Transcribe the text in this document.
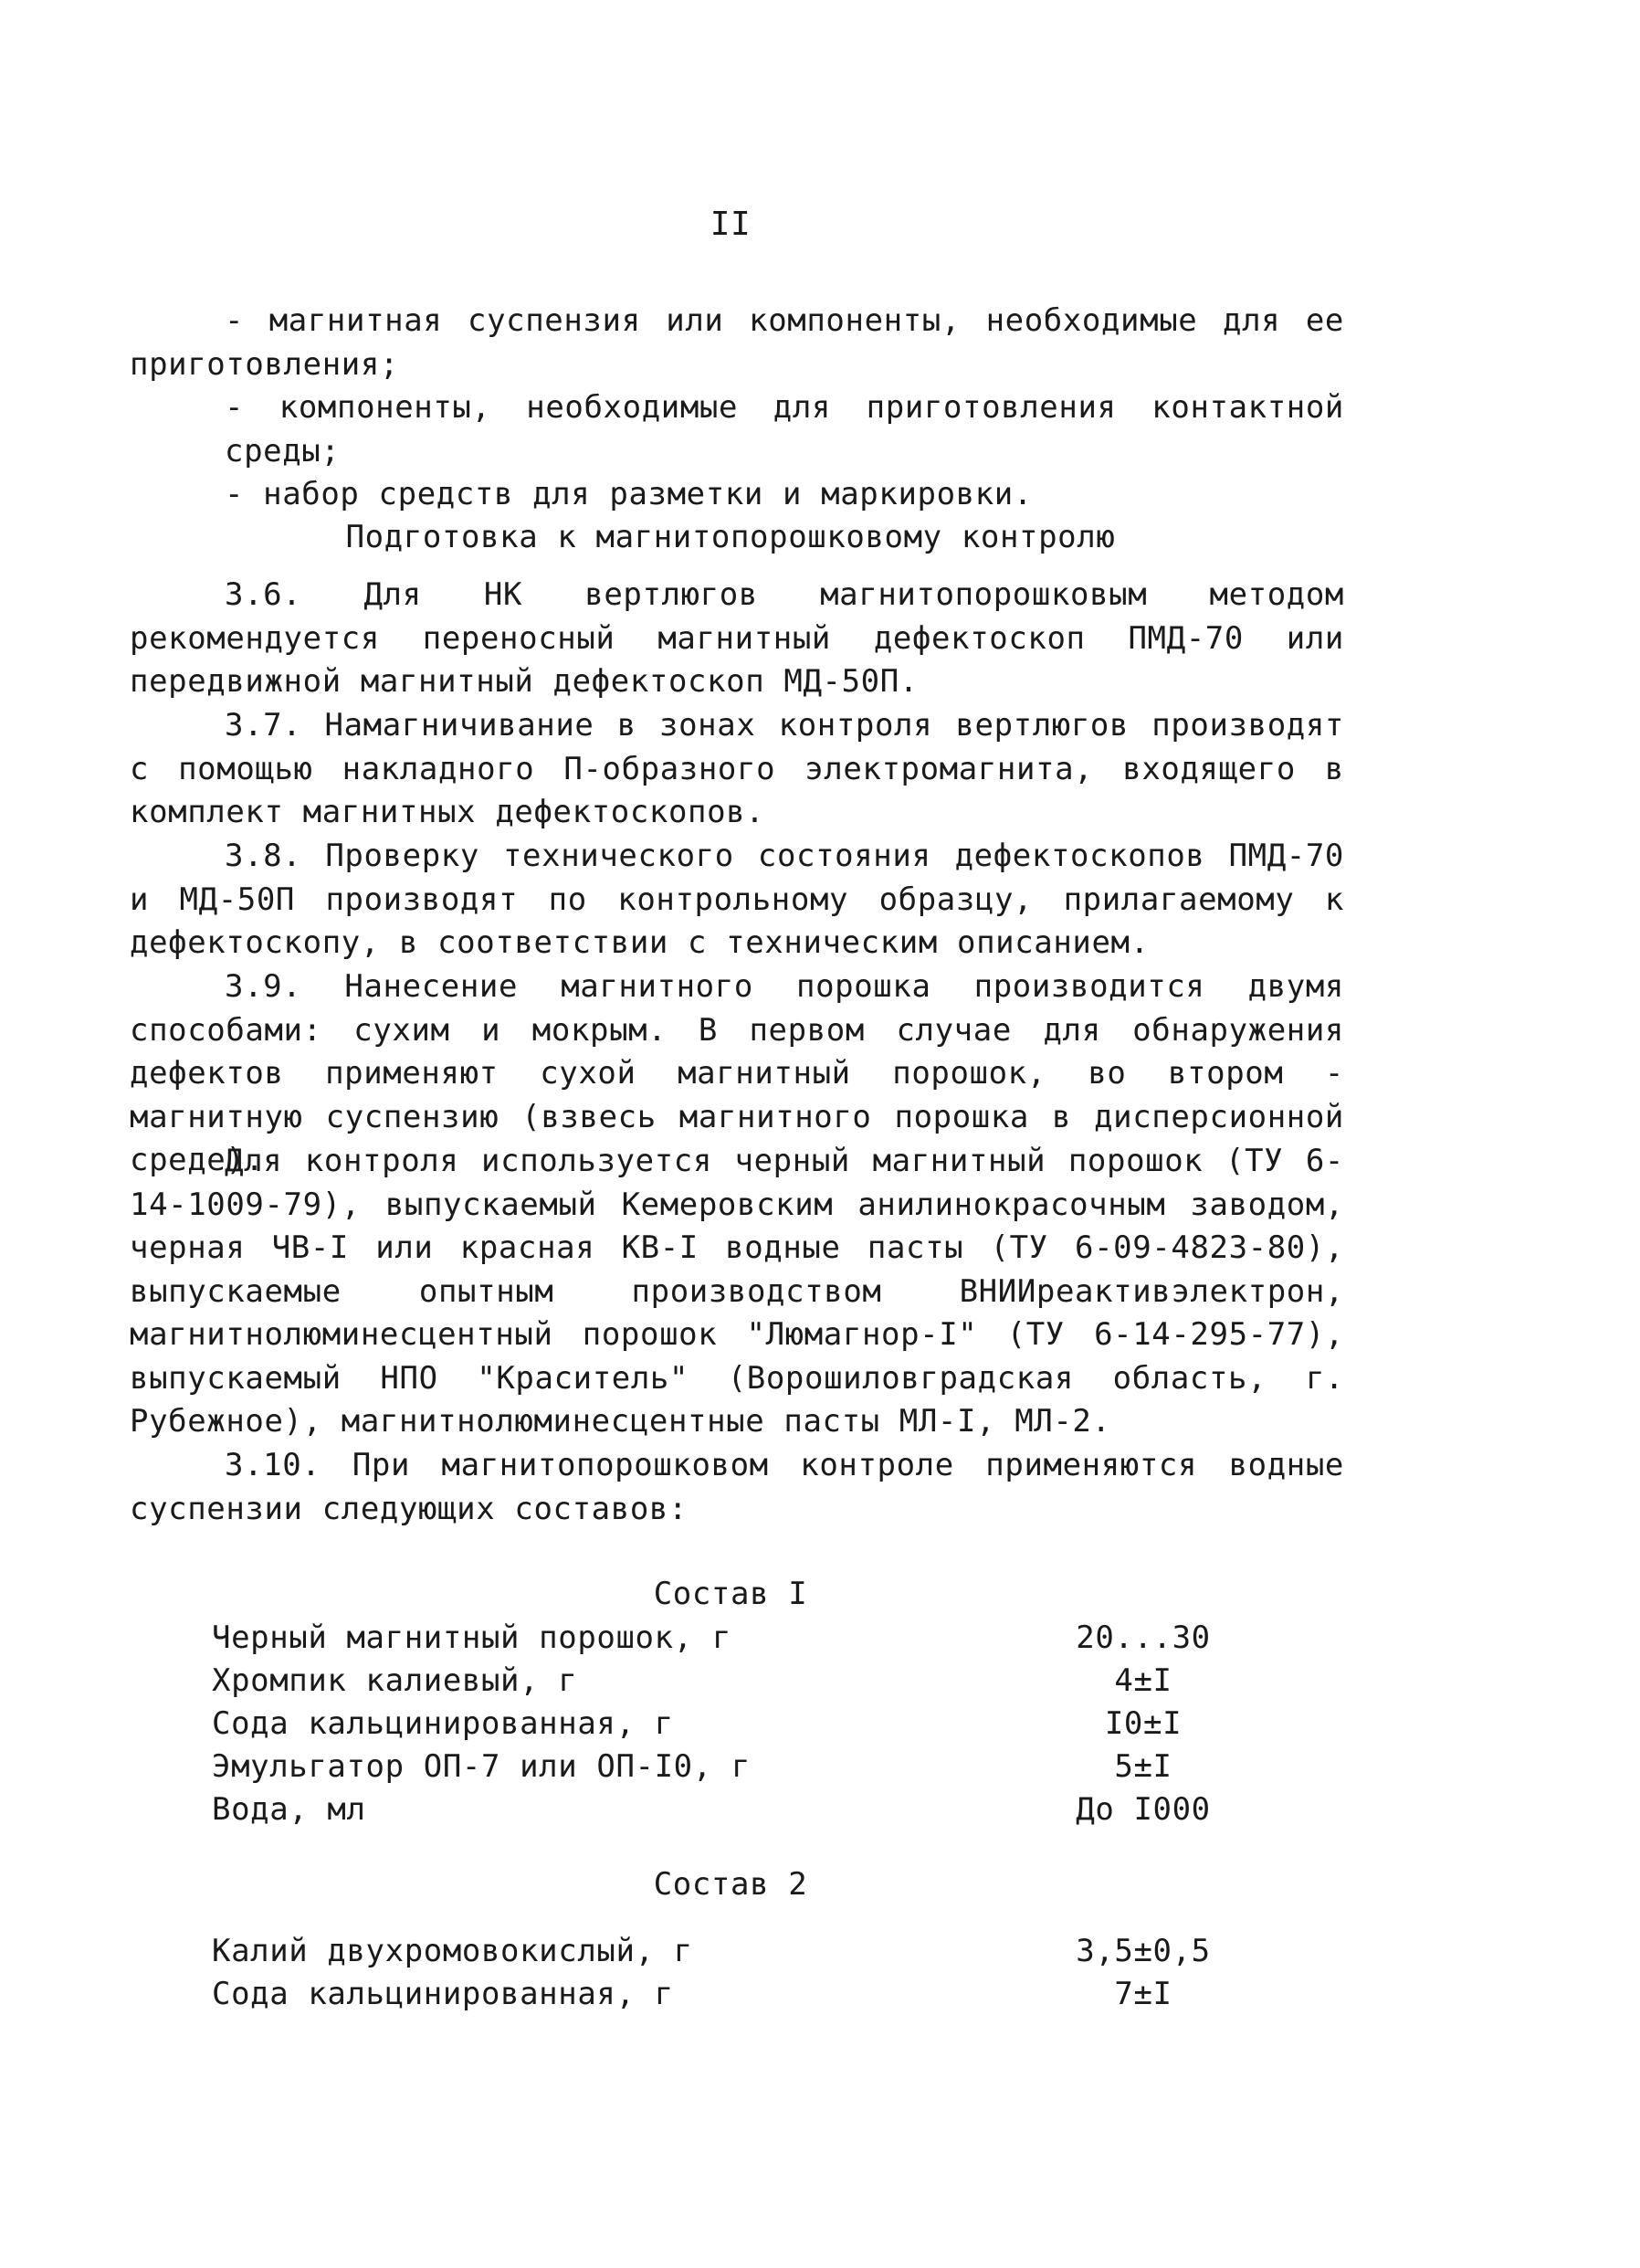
II

- магнитная суспензия или компоненты, необходимые для ее приготовления;

- компоненты, необходимые для приготовления контактной среды;

- набор средств для разметки и маркировки.

Подготовка к магнитопорошковому контролю

3.6. Для НК вертлюгов магнитопорошковым методом рекомендуется переносный магнитный дефектоскоп ПМД-70 или передвижной магнитный дефектоскоп МД-50П.

3.7. Намагничивание в зонах контроля вертлюгов производят с помощью накладного П-образного электромагнита, входящего в комплект магнитных дефектоскопов.

3.8. Проверку технического состояния дефектоскопов ПМД-70 и МД-50П производят по контрольному образцу, прилагаемому к дефектоскопу, в соответствии с техническим описанием.

3.9. Нанесение магнитного порошка производится двумя способами: сухим и мокрым. В первом случае для обнаружения дефектов применяют сухой магнитный порошок, во втором - магнитную суспензию (взвесь магнитного порошка в дисперсионной среде).

Для контроля используется черный магнитный порошок (ТУ 6-14-1009-79), выпускаемый Кемеровским анилинокрасочным заводом, черная ЧВ-I или красная КВ-I водные пасты (ТУ 6-09-4823-80), выпускаемые опытным производством ВНИИреактивэлектрон, магнитнолюминесцентный порошок "Люмагнор-I" (ТУ 6-14-295-77), выпускаемый НПО "Краситель" (Ворошиловградская область, г. Рубежное), магнитнолюминесцентные пасты МЛ-I, МЛ-2.

3.10. При магнитопорошковом контроле применяются водные суспензии следующих составов:

Состав I
Черный магнитный порошок, г	20...30
Хромпик калиевый, г	4±I
Сода кальцинированная, г	I0±I
Эмульгатор ОП-7 или ОП-I0, г	5±I
Вода, мл	До I000
Состав 2
Калий двухромовокислый, г	3,5±0,5
Сода кальцинированная, г	7±I
